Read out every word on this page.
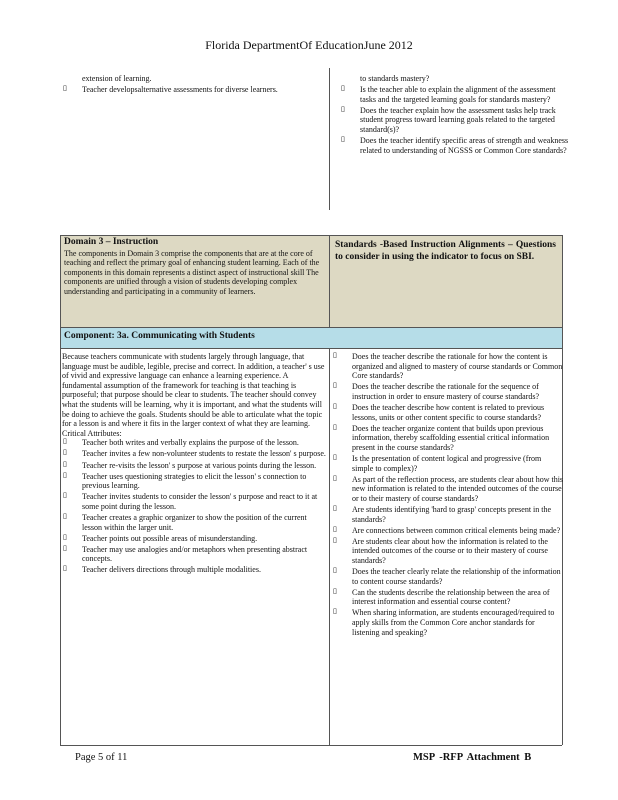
Florida DepartmentOf EducationJune 2012
Component: 3a. Communicating with Students
extension of learning.
▯ Teacher developsalternative assessments for diverse learners.
to standards mastery?
▯ Is the teacher able to explain the alignment of the assessment tasks and the targeted learning goals for standards mastery?
▯ Does the teacher explain how the assessment tasks help track student progress toward learning goals related to the targeted standard(s)?
▯ Does the teacher identify specific areas of strength and weakness related to understanding of NGSSS or Common Core standards?
Domain 3 – Instruction
The components in Domain 3 comprise the components that are at the core of teaching and reflect the primary goal of enhancing student learning. Each of the components in this domain represents a distinct aspect of instructional skill The components are unified through a vision of students developing complex understanding and participating in a community of learners.
Standards -Based Instruction Alignments – Questions to consider in using the indicator to focus on SBI.

Because teachers communicate with students largely through language, that language must be audible, legible, precise and correct. In addition, a teacher' s use of vivid and expressive language can enhance a learning experience. A fundamental assumption of the framework for teaching is that teaching is purposeful; that purpose should be clear to students. The teacher should convey what the students will be learning, why it is important, and what the students will be doing to achieve the goals. Students should be able to articulate what the topic for a lesson is and where it fits in the larger context of what they are learning.

Critical Attributes:

▯ Teacher both writes and verbally explains the purpose of the lesson.
▯ Teacher invites a few non-volunteer students to restate the lesson' s purpose.
▯ Teacher re-visits the lesson' s purpose at various points during the lesson.
▯ Teacher uses questioning strategies to elicit the lesson' s connection to previous learning.
▯ Teacher invites students to consider the lesson' s purpose and react to it at some point during the lesson.
▯ Teacher creates a graphic organizer to show the position of the current lesson within the larger unit.
▯ Teacher points out possible areas of misunderstanding.
▯ Teacher may use analogies and/or metaphors when presenting abstract concepts.
▯ Teacher delivers directions through multiple modalities.
▯ Does the teacher describe the rationale for how the content is organized and aligned to mastery of course standards or Common Core standards?
▯ Does the teacher describe the rationale for the sequence of instruction in order to ensure mastery of course standards?
▯ Does the teacher describe how content is related to previous lessons, units or other content specific to course standards?
▯ Does the teacher organize content that builds upon previous information, thereby scaffolding essential critical information present in the course standards?
▯ Is the presentation of content logical and progressive (from simple to complex)?
▯ As part of the reflection process, are students clear about how this new information is related to the intended outcomes of the course or to their mastery of course standards?
▯ Are students identifying 'hard to grasp' concepts present in the standards?
▯ Are connections between common critical elements being made?
▯ Are students clear about how the information is related to the intended outcomes of the course or to their mastery of course standards?
▯ Does the teacher clearly relate the relationship of the information to content course standards?
▯ Can the students describe the relationship between the area of interest information and essential course content?
▯ When sharing information, are students encouraged/required to apply skills from the Common Core anchor standards for listening and speaking?
Page 5 of 11	MSP -RFP Attachment B
